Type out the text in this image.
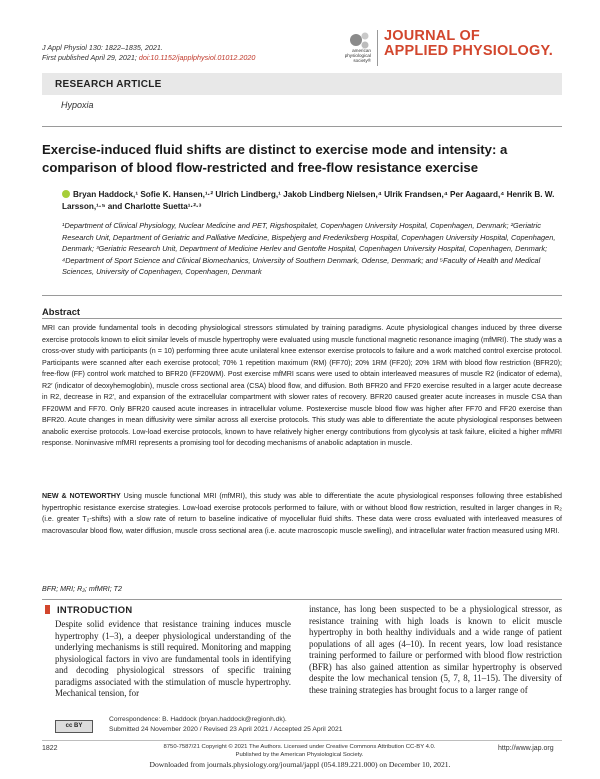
J Appl Physiol 130: 1822–1835, 2021.
First published April 29, 2021; doi:10.1152/japplphysiol.01012.2020
american
physiological
society®
JOURNAL OF
APPLIED PHYSIOLOGY.
RESEARCH ARTICLE
Hypoxia
Exercise-induced fluid shifts are distinct to exercise mode and intensity: a comparison of blood flow-restricted and free-flow resistance exercise
Bryan Haddock,¹ Sofie K. Hansen,¹·² Ulrich Lindberg,¹ Jakob Lindberg Nielsen,⁴ Ulrik Frandsen,⁴ Per Aagaard,⁴ Henrik B. W. Larsson,¹·⁵ and Charlotte Suetta¹·²·³
¹Department of Clinical Physiology, Nuclear Medicine and PET, Rigshospitalet, Copenhagen University Hospital, Copenhagen, Denmark; ²Geriatric Research Unit, Department of Geriatric and Palliative Medicine, Bispebjerg and Frederiksberg Hospital, Copenhagen University Hospital, Copenhagen, Denmark; ³Geriatric Research Unit, Department of Medicine Herlev and Gentofte Hospital, Copenhagen University Hospital, Copenhagen, Denmark; ⁴Department of Sport Science and Clinical Biomechanics, University of Southern Denmark, Odense, Denmark; and ⁵Faculty of Health and Medical Sciences, University of Copenhagen, Copenhagen, Denmark
Abstract

MRI can provide fundamental tools in decoding physiological stressors stimulated by training paradigms. Acute physiological changes induced by three diverse exercise protocols known to elicit similar levels of muscle hypertrophy were evaluated using muscle functional magnetic resonance imaging (mfMRI). The study was a cross-over study with participants (n = 10) performing three acute unilateral knee extensor exercise protocols to failure and a work matched control exercise protocol. Participants were scanned after each exercise protocol; 70% 1 repetition maximum (RM) (FF70); 20% 1RM (FF20); 20% 1RM with blood flow restriction (BFR20); free-flow (FF) control work matched to BFR20 (FF20WM). Post exercise mfMRI scans were used to obtain interleaved measures of muscle R2 (indicator of edema), R2′ (indicator of deoxyhemoglobin), muscle cross sectional area (CSA) blood flow, and diffusion. Both BFR20 and FF20 exercise resulted in a larger acute decrease in R2, decrease in R2′, and expansion of the extracellular compartment with slower rates of recovery. BFR20 caused greater acute increases in muscle CSA than FF20WM and FF70. Only BFR20 caused acute increases in intracellular volume. Postexercise muscle blood flow was higher after FF70 and FF20 exercise than BFR20. Acute changes in mean diffusivity were similar across all exercise protocols. This study was able to differentiate the acute physiological responses between anabolic exercise protocols. Low-load exercise protocols, known to have relatively higher energy contributions from glycolysis at task failure, elicited a higher mfMRI response. Noninvasive mfMRI represents a promising tool for decoding mechanisms of anabolic adaptation in muscle.

NEW & NOTEWORTHY Using muscle functional MRI (mfMRI), this study was able to differentiate the acute physiological responses following three established hypertrophic resistance exercise strategies. Low-load exercise protocols performed to failure, with or without blood flow restriction, resulted in larger changes in R₂ (i.e. greater T₂-shifts) with a slow rate of return to baseline indicative of myocellular fluid shifts. These data were cross evaluated with interleaved measures of macrovascular blood flow, water diffusion, muscle cross sectional area (i.e. acute macroscopic muscle swelling), and intracellular water fraction measured using MRI.

BFR; MRI; R₂; mfMRI; T2
INTRODUCTION

Despite solid evidence that resistance training induces muscle hypertrophy (1–3), a deeper physiological understanding of the underlying mechanisms is still required. Monitoring and mapping physiological factors in vivo are fundamental tools in identifying and decoding physiological stressors of specific training paradigms associated with the stimulation of muscle hypertrophy. Mechanical tension, for

instance, has long been suspected to be a physiological stressor, as resistance training with high loads is known to elicit muscle hypertrophy in both healthy individuals and a wide range of patient populations of all ages (4–10). In recent years, low load resistance training performed to failure or performed with blood flow restriction (BFR) has also gained attention as similar hypertrophy is observed despite the low mechanical tension (5, 7, 8, 11–15). The diversity of these training strategies has brought focus to a larger range of

cc BY
Correspondence: B. Haddock (bryan.haddock@regionh.dk).
Submitted 24 November 2020 / Revised 23 April 2021 / Accepted 25 April 2021
1822	8750-7587/21 Copyright © 2021 The Authors. Licensed under Creative Commons Attribution CC-BY 4.0.
Published by the American Physiological Society.
http://www.jap.org
Downloaded from journals.physiology.org/journal/jappl (054.189.221.000) on December 10, 2021.
